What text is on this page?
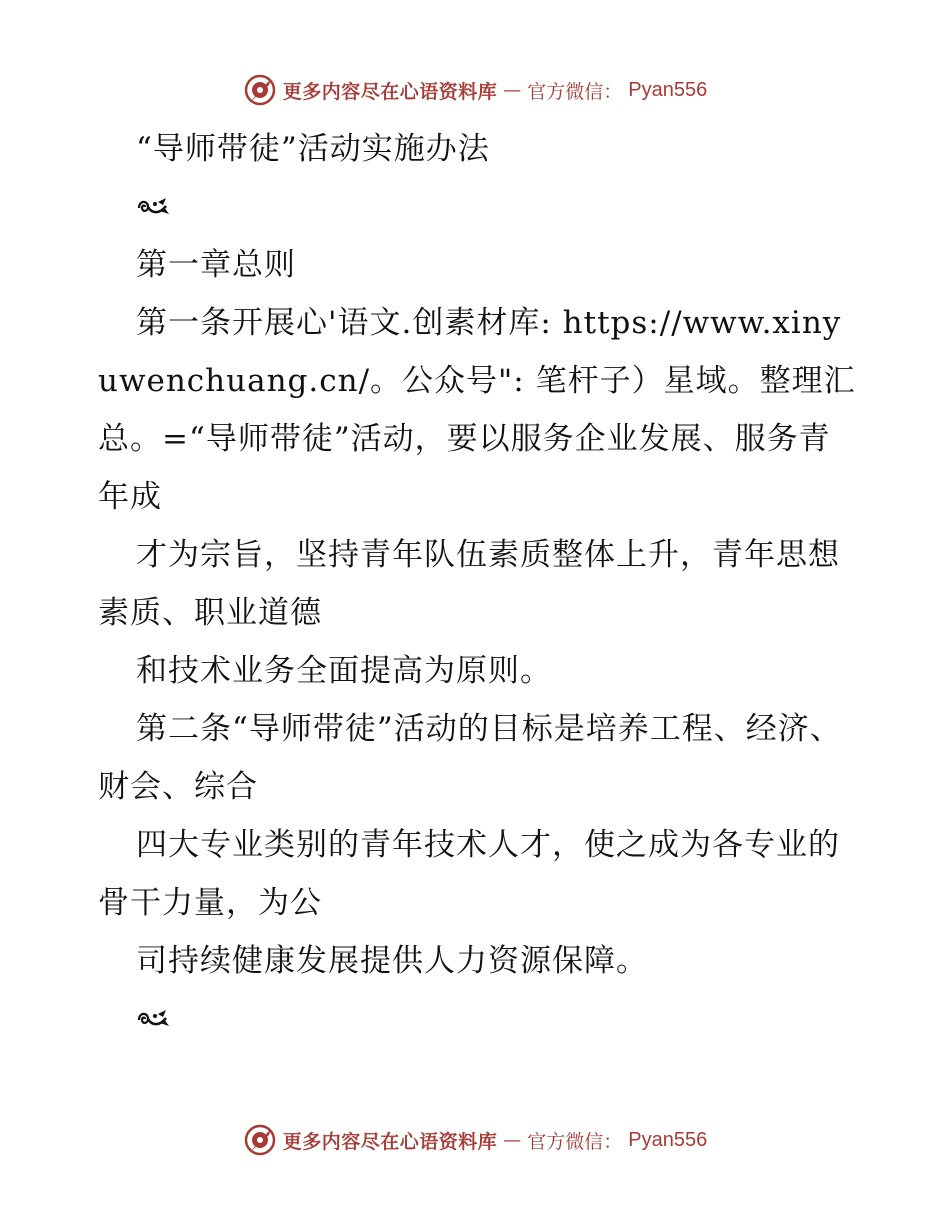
更多内容尽在心语资料库 — 官方微信： Pyan556

“导师带徒”活动实施办法

第一章总则

第一条开展心'语文.创素材库: https://www.xinyuwenchuang.cn/。公众号": 笔杆子）星域。整理汇总。=“导师带徒”活动，要以服务企业发展、服务青年成

才为宗旨，坚持青年队伍素质整体上升，青年思想素质、职业道德

和技术业务全面提高为原则。

第二条“导师带徒”活动的目标是培养工程、经济、财会、综合

四大专业类别的青年技术人才，使之成为各专业的骨干力量，为公

司持续健康发展提供人力资源保障。

更多内容尽在心语资料库 — 官方微信： Pyan556
